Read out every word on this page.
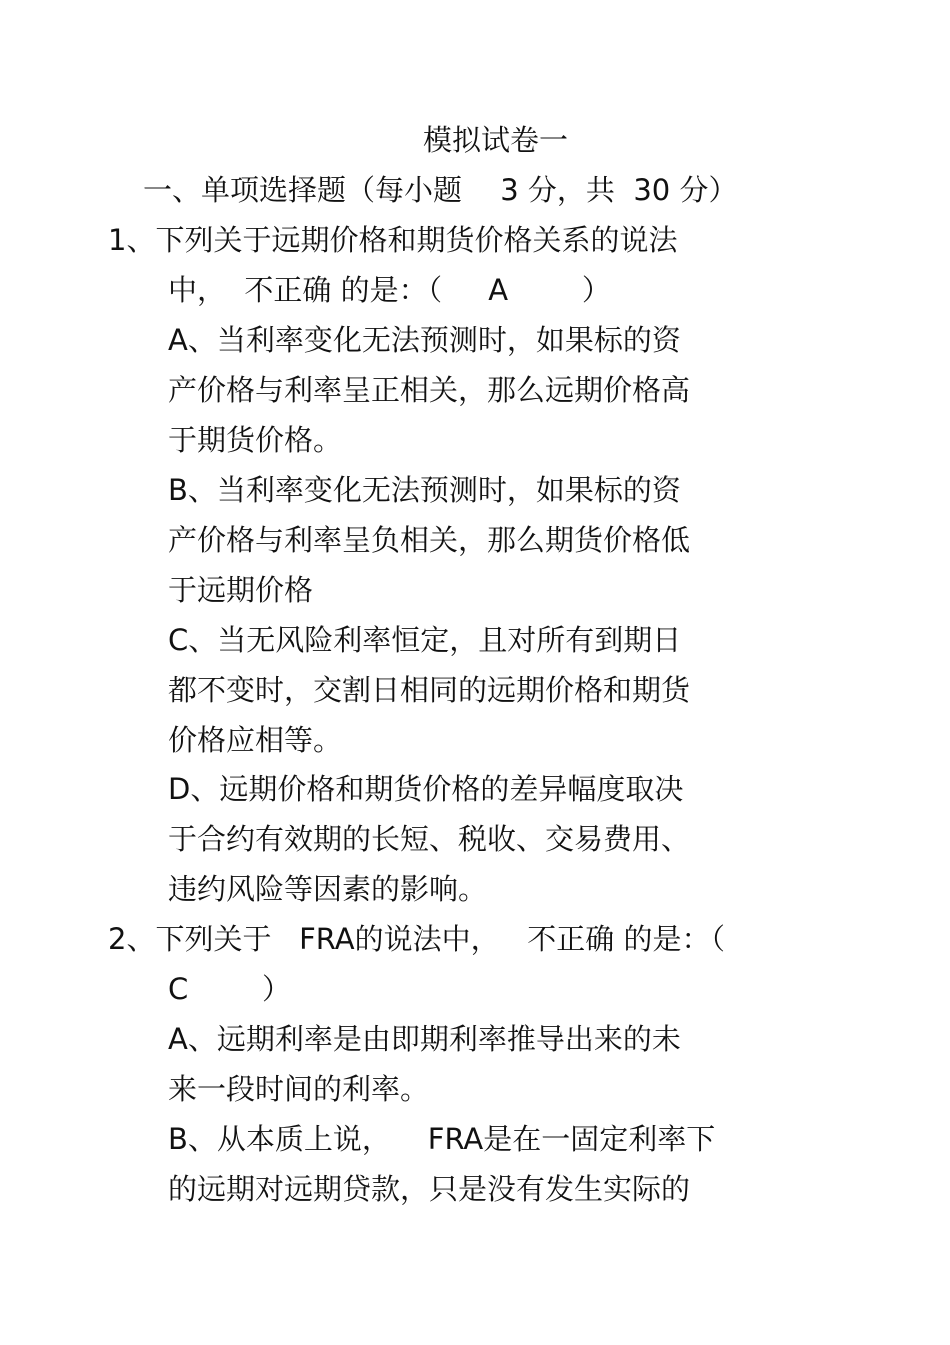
模拟试卷一
一、单项选择题（每小题　 3 分，共  30 分）
1、下列关于远期价格和期货价格关系的说法
中，  不正确 的是：（     A        ）
A、当利率变化无法预测时，如果标的资
产价格与利率呈正相关，那么远期价格高
于期货价格。
B、当利率变化无法预测时，如果标的资
产价格与利率呈负相关，那么期货价格低
于远期价格
C、当无风险利率恒定，且对所有到期日
都不变时，交割日相同的远期价格和期货
价格应相等。
D、远期价格和期货价格的差异幅度取决
于合约有效期的长短、税收、交易费用、
违约风险等因素的影响。
2、下列关于   FRA的说法中，   不正确 的是：（
C        ）
A、远期利率是由即期利率推导出来的未
来一段时间的利率。
B、从本质上说，    FRA是在一固定利率下
的远期对远期贷款，只是没有发生实际的
